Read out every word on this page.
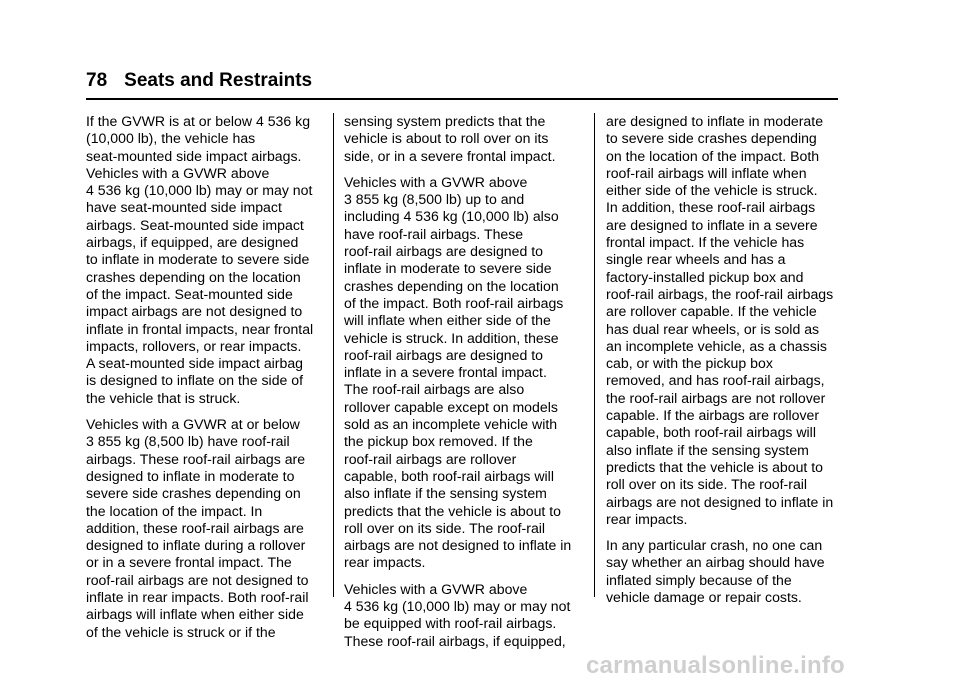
78 Seats and Restraints

If the GVWR is at or below 4 536 kg
(10,000 lb), the vehicle has
seat-mounted side impact airbags.
Vehicles with a GVWR above
4 536 kg (10,000 lb) may or may not
have seat-mounted side impact
airbags. Seat-mounted side impact
airbags, if equipped, are designed
to inflate in moderate to severe side
crashes depending on the location
of the impact. Seat-mounted side
impact airbags are not designed to
inflate in frontal impacts, near frontal
impacts, rollovers, or rear impacts.
A seat-mounted side impact airbag
is designed to inflate on the side of
the vehicle that is struck.

Vehicles with a GVWR at or below
3 855 kg (8,500 lb) have roof-rail
airbags. These roof-rail airbags are
designed to inflate in moderate to
severe side crashes depending on
the location of the impact. In
addition, these roof-rail airbags are
designed to inflate during a rollover
or in a severe frontal impact. The
roof-rail airbags are not designed to
inflate in rear impacts. Both roof-rail
airbags will inflate when either side
of the vehicle is struck or if the

sensing system predicts that the
vehicle is about to roll over on its
side, or in a severe frontal impact.

Vehicles with a GVWR above
3 855 kg (8,500 lb) up to and
including 4 536 kg (10,000 lb) also
have roof-rail airbags. These
roof-rail airbags are designed to
inflate in moderate to severe side
crashes depending on the location
of the impact. Both roof-rail airbags
will inflate when either side of the
vehicle is struck. In addition, these
roof-rail airbags are designed to
inflate in a severe frontal impact.
The roof-rail airbags are also
rollover capable except on models
sold as an incomplete vehicle with
the pickup box removed. If the
roof-rail airbags are rollover
capable, both roof-rail airbags will
also inflate if the sensing system
predicts that the vehicle is about to
roll over on its side. The roof-rail
airbags are not designed to inflate in
rear impacts.

Vehicles with a GVWR above
4 536 kg (10,000 lb) may or may not
be equipped with roof-rail airbags.
These roof-rail airbags, if equipped,

are designed to inflate in moderate
to severe side crashes depending
on the location of the impact. Both
roof-rail airbags will inflate when
either side of the vehicle is struck.
In addition, these roof-rail airbags
are designed to inflate in a severe
frontal impact. If the vehicle has
single rear wheels and has a
factory-installed pickup box and
roof-rail airbags, the roof-rail airbags
are rollover capable. If the vehicle
has dual rear wheels, or is sold as
an incomplete vehicle, as a chassis
cab, or with the pickup box
removed, and has roof-rail airbags,
the roof-rail airbags are not rollover
capable. If the airbags are rollover
capable, both roof-rail airbags will
also inflate if the sensing system
predicts that the vehicle is about to
roll over on its side. The roof-rail
airbags are not designed to inflate in
rear impacts.

In any particular crash, no one can
say whether an airbag should have
inflated simply because of the
vehicle damage or repair costs.

carmanualsonline.info
